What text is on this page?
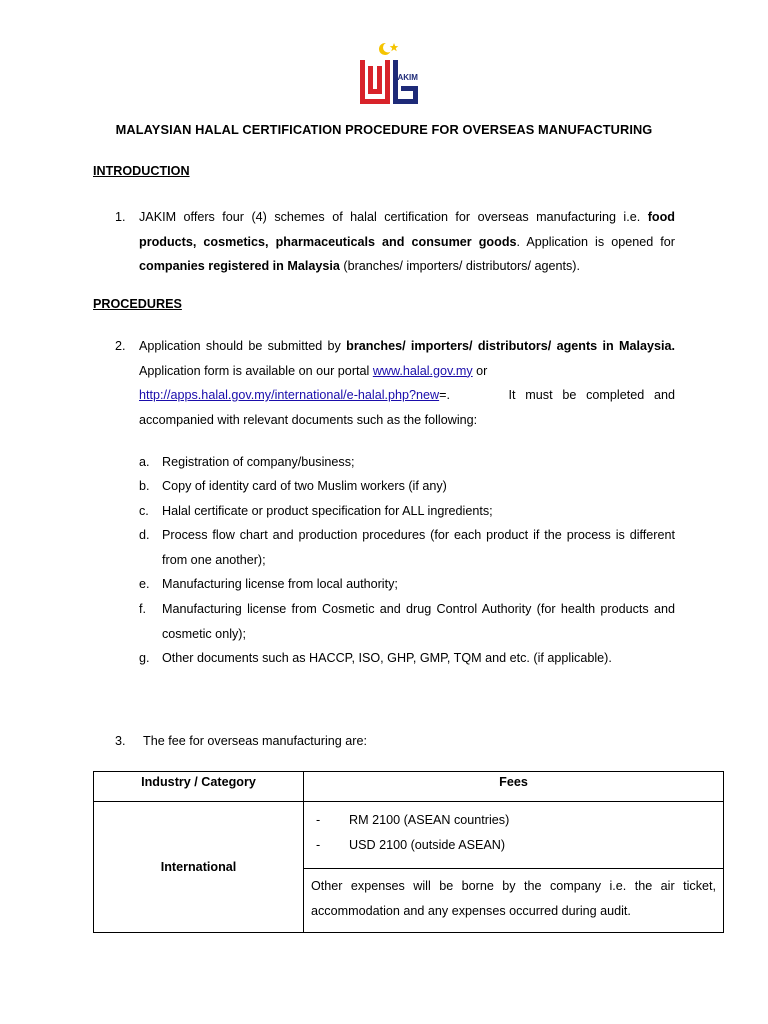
JAKIM
MALAYSIAN HALAL CERTIFICATION PROCEDURE FOR OVERSEAS MANUFACTURING
INTRODUCTION
1.	JAKIM offers four (4) schemes of halal certification for overseas manufacturing i.e. food products, cosmetics, pharmaceuticals and consumer goods. Application is opened for companies registered in Malaysia (branches/ importers/ distributors/ agents).
PROCEDURES
2.	Application should be submitted by branches/ importers/ distributors/ agents in Malaysia. Application form is available on our portal www.halal.gov.my or
http://apps.halal.gov.my/international/e-halal.php?new=.      It must be completed and accompanied with relevant documents such as the following:
a. Registration of company/business;
b. Copy of identity card of two Muslim workers (if any)
c.	Halal certificate or product specification for ALL ingredients;
d. Process flow chart and production procedures (for each product if the process is different from one another);
e. Manufacturing license from local authority;
f.	Manufacturing license from Cosmetic and drug Control Authority (for health products and cosmetic only);
g. Other documents such as HACCP, ISO, GHP, GMP, TQM and etc. (if applicable).
3.	The fee for overseas manufacturing are:
Industry / Category	Fees
International	- RM 2100 (ASEAN countries)
- USD 2100 (outside ASEAN)

	Other expenses will be borne by the company i.e. the air ticket, accommodation and any expenses occurred during audit.
